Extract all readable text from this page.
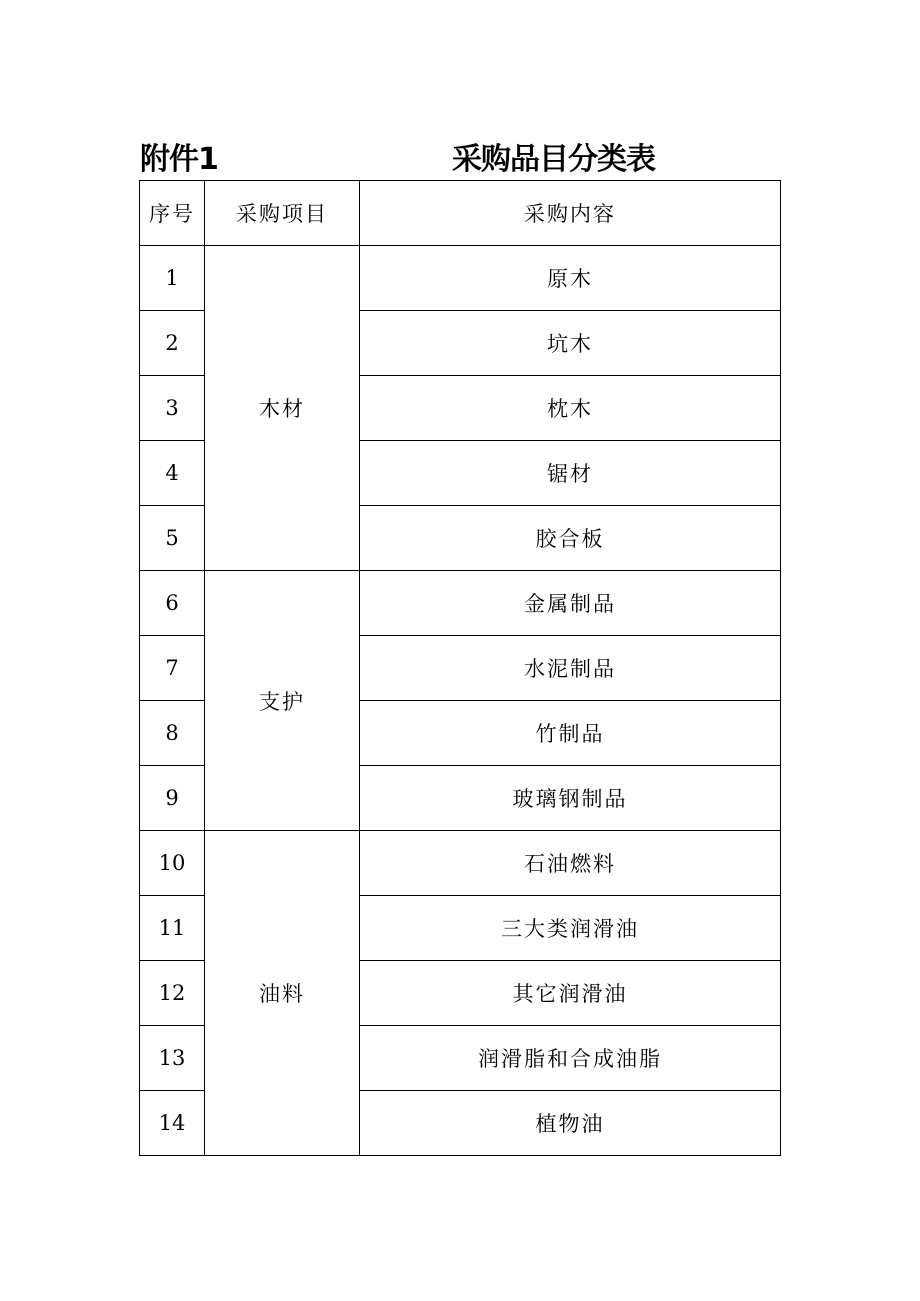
附件1	采购品目分类表
序号	采购项目	采购内容
1	木材	原木
2		坑木
3		枕木
4		锯材
5		胶合板
6	支护	金属制品
7		水泥制品
8		竹制品
9		玻璃钢制品
10	油料	石油燃料
11		三大类润滑油
12		其它润滑油
13		润滑脂和合成油脂
14		植物油
